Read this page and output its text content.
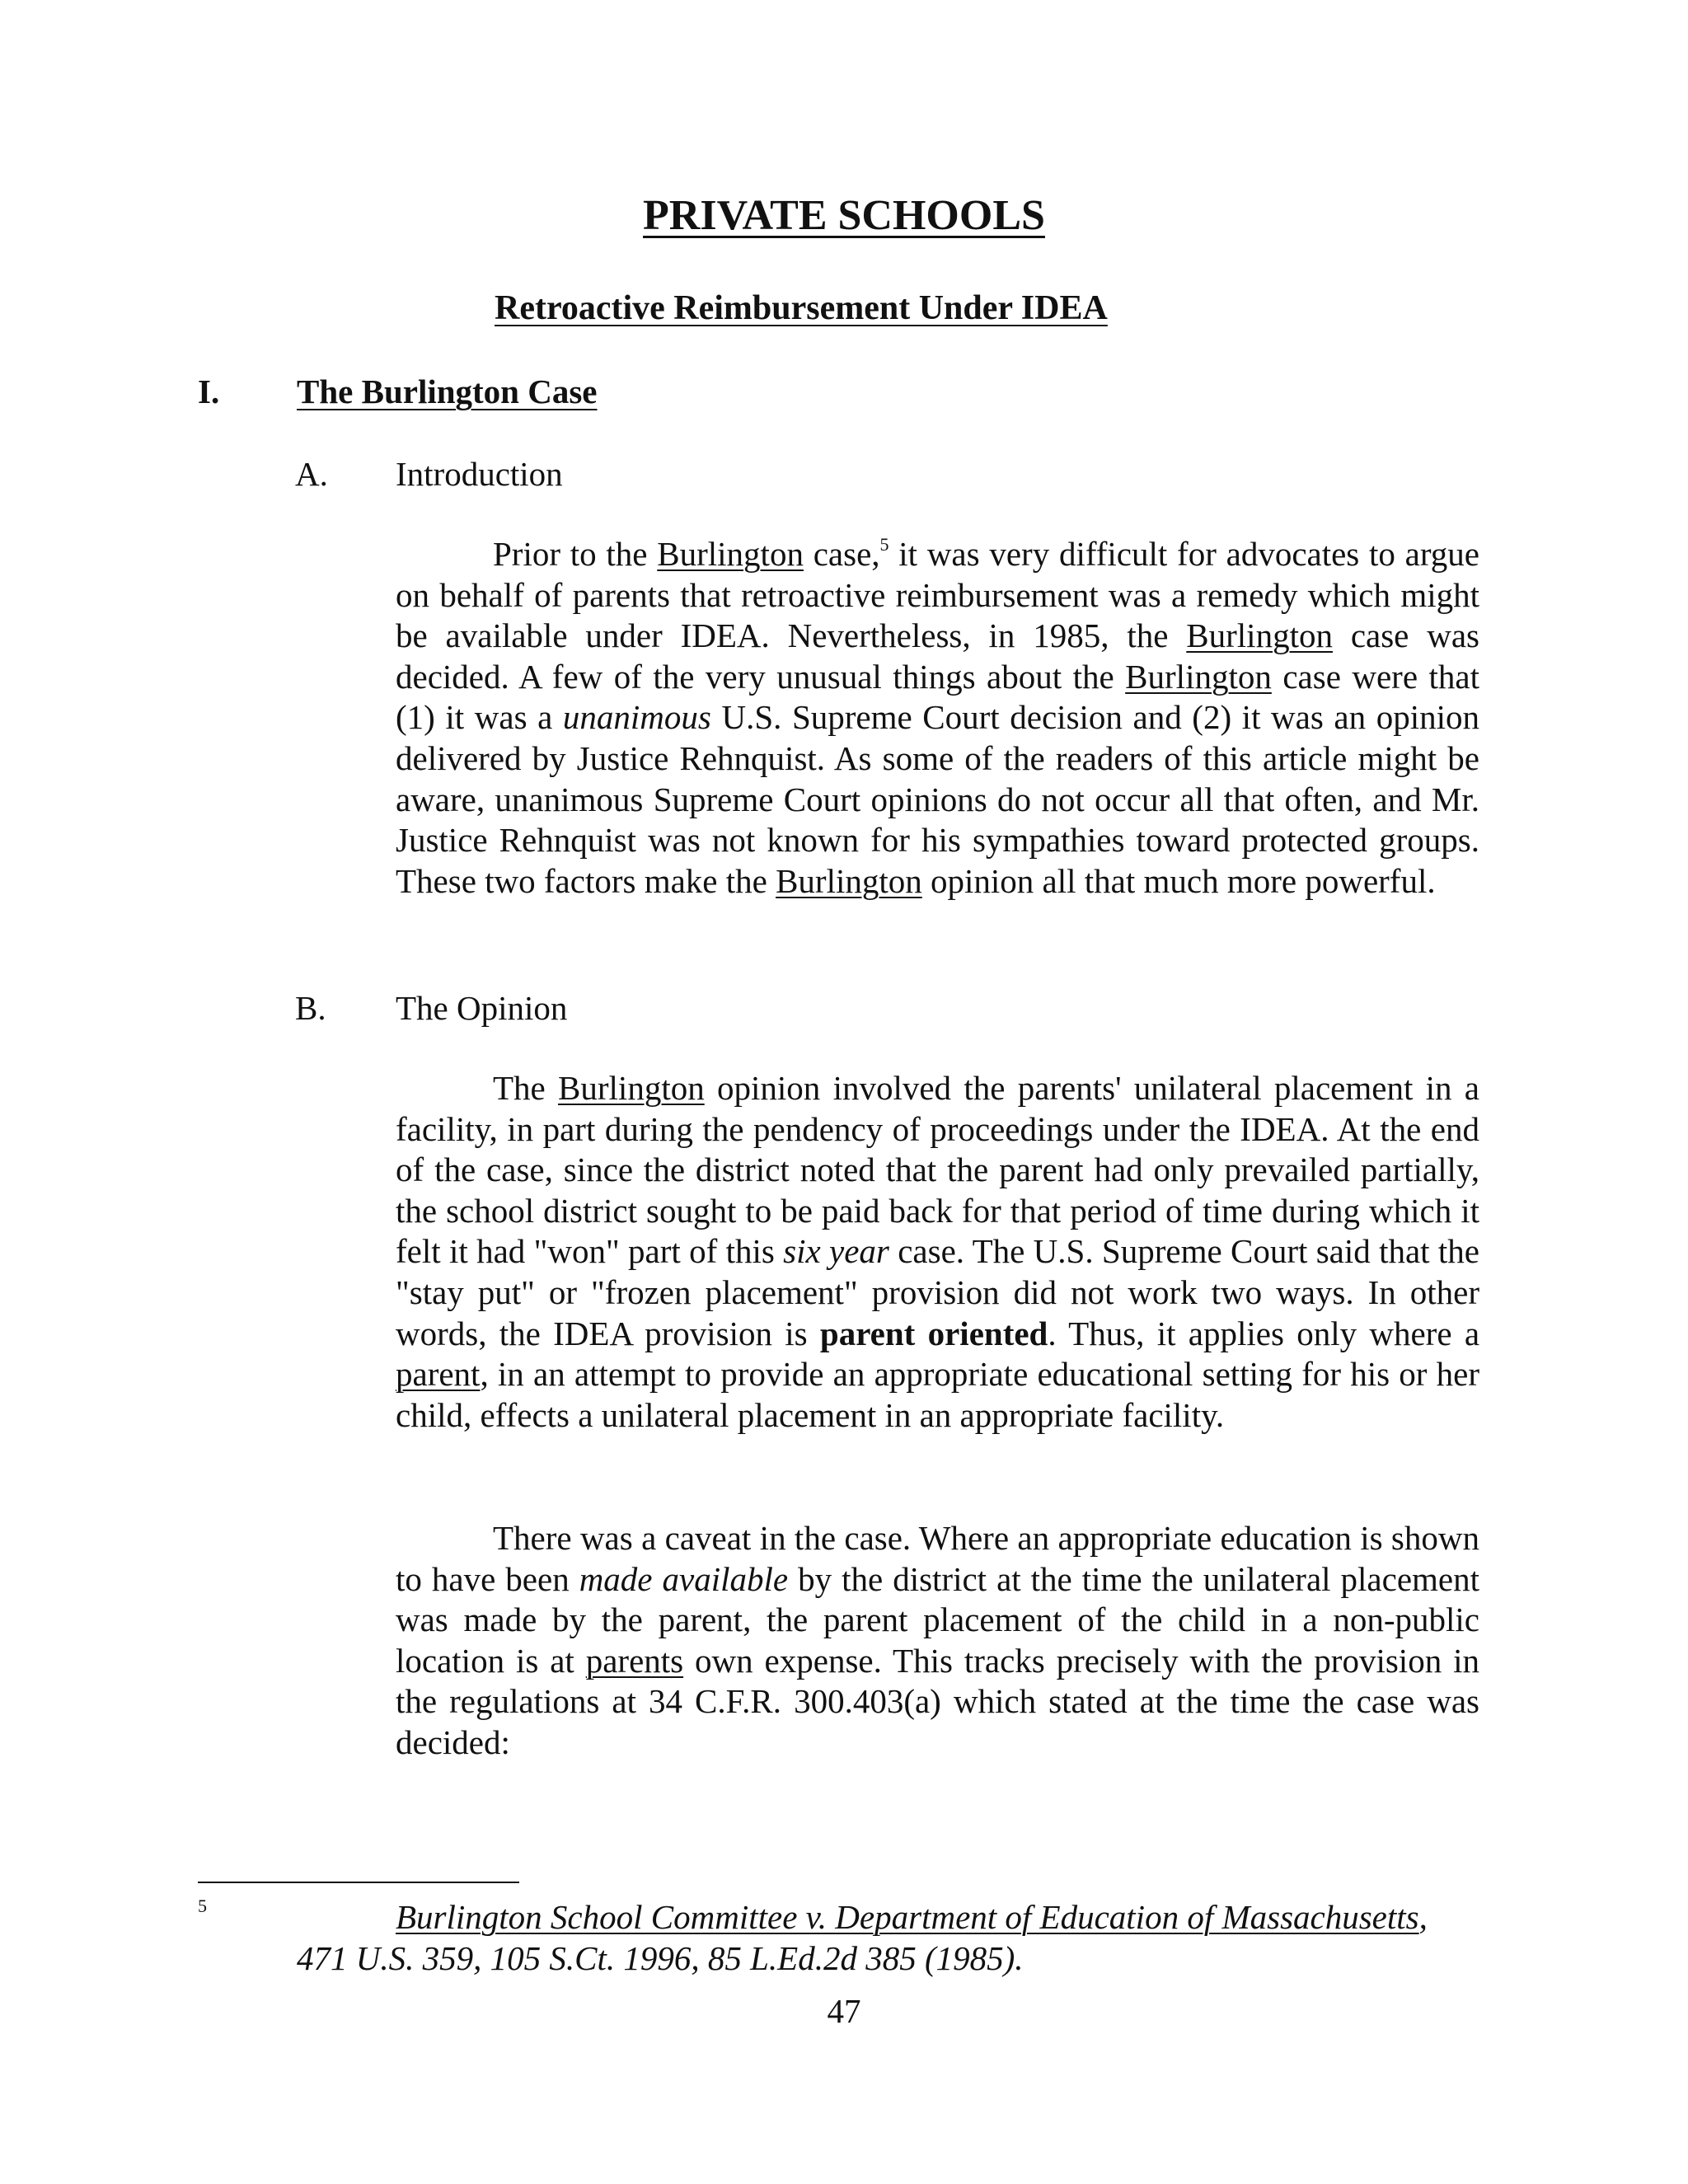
PRIVATE SCHOOLS
Retroactive Reimbursement Under IDEA
I. The Burlington Case
A. Introduction

Prior to the Burlington case,$^5$ it was very difficult for advocates to argue on behalf of parents that retroactive reimbursement was a remedy which might be available under IDEA. Nevertheless, in 1985, the Burlington case was decided. A few of the very unusual things about the Burlington case were that (1) it was a unanimous U.S. Supreme Court decision and (2) it was an opinion delivered by Justice Rehnquist. As some of the readers of this article might be aware, unanimous Supreme Court opinions do not occur all that often, and Mr. Justice Rehnquist was not known for his sympathies toward protected groups. These two factors make the Burlington opinion all that much more powerful.

B. The Opinion

The Burlington opinion involved the parents' unilateral placement in a facility, in part during the pendency of proceedings under the IDEA. At the end of the case, since the district noted that the parent had only prevailed partially, the school district sought to be paid back for that period of time during which it felt it had "won" part of this six year case. The U.S. Supreme Court said that the "stay put" or "frozen placement" provision did not work two ways. In other words, the IDEA provision is parent oriented. Thus, it applies only where a parent, in an attempt to provide an appropriate educational setting for his or her child, effects a unilateral placement in an appropriate facility.

There was a caveat in the case. Where an appropriate education is shown to have been made available by the district at the time the unilateral placement was made by the parent, the parent placement of the child in a non-public location is at parents own expense. This tracks precisely with the provision in the regulations at 34 C.F.R. 300.403(a) which stated at the time the case was decided:

5	Burlington School Committee v. Department of Education of Massachusetts, 471 U.S. 359, 105 S.Ct. 1996, 85 L.Ed.2d 385 (1985).

47
